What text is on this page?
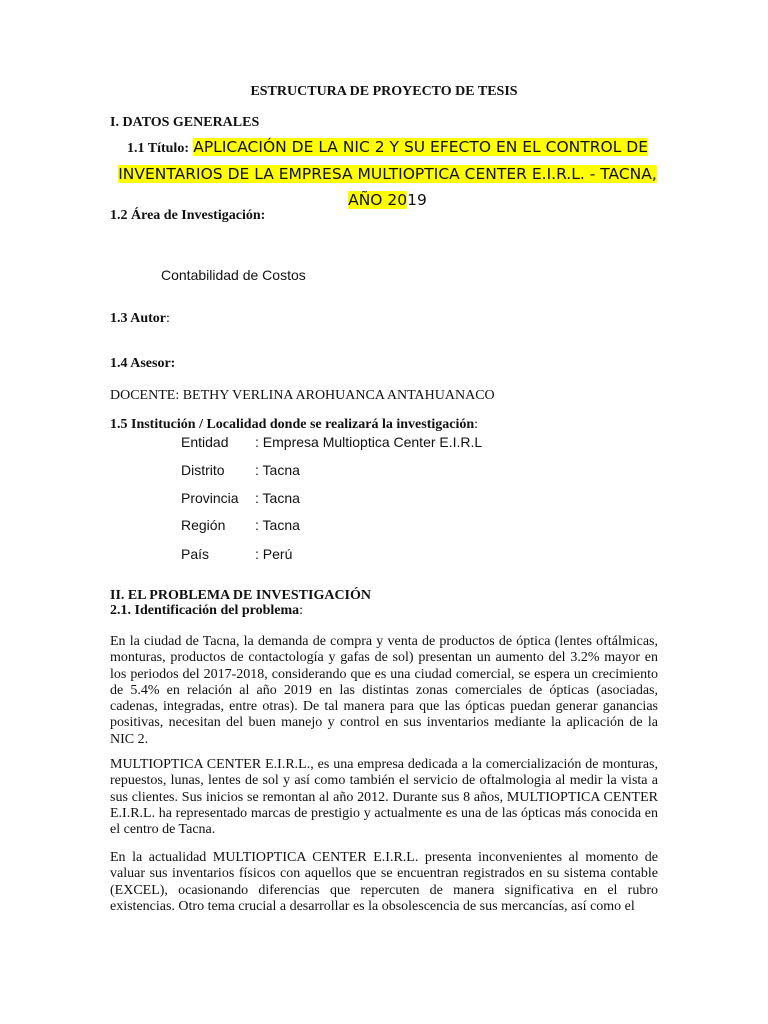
ESTRUCTURA DE PROYECTO DE TESIS
I. DATOS GENERALES
1.1 Título: APLICACIÓN DE LA NIC 2 Y SU EFECTO EN EL CONTROL DE INVENTARIOS DE LA EMPRESA MULTIOPTICA CENTER E.I.R.L. - TACNA, AÑO 2019
1.2 Área de Investigación:
Contabilidad de Costos
1.3 Autor:
1.4 Asesor:
DOCENTE: BETHY VERLINA AROHUANCA ANTAHUANACO
1.5 Institución / Localidad donde se realizará la investigación:
Entidad : Empresa Multioptica Center E.I.R.L
Distrito : Tacna
Provincia : Tacna
Región : Tacna
País	: Perú
II. EL PROBLEMA DE INVESTIGACIÓN
2.1. Identificación del problema:
En la ciudad de Tacna, la demanda de compra y venta de productos de óptica (lentes oftálmicas, monturas, productos de contactología y gafas de sol) presentan un aumento del 3.2% mayor en los periodos del 2017-2018, considerando que es una ciudad comercial, se espera un crecimiento de 5.4% en relación al año 2019 en las distintas zonas comerciales de ópticas (asociadas, cadenas, integradas, entre otras). De tal manera para que las ópticas puedan generar ganancias positivas, necesitan del buen manejo y control en sus inventarios mediante la aplicación de la NIC 2.
MULTIOPTICA CENTER E.I.R.L., es una empresa dedicada a la comercialización de monturas, repuestos, lunas, lentes de sol y así como también el servicio de oftalmologia al medir la vista a sus clientes. Sus inicios se remontan al año 2012. Durante sus 8 años, MULTIOPTICA CENTER E.I.R.L. ha representado marcas de prestigio y actualmente es una de las ópticas más conocida en el centro de Tacna.
En la actualidad MULTIOPTICA CENTER E.I.R.L. presenta inconvenientes al momento de valuar sus inventarios físicos con aquellos que se encuentran registrados en su sistema contable (EXCEL), ocasionando diferencias que repercuten de manera significativa en el rubro existencias. Otro tema crucial a desarrollar es la obsolescencia de sus mercancías, así como el
